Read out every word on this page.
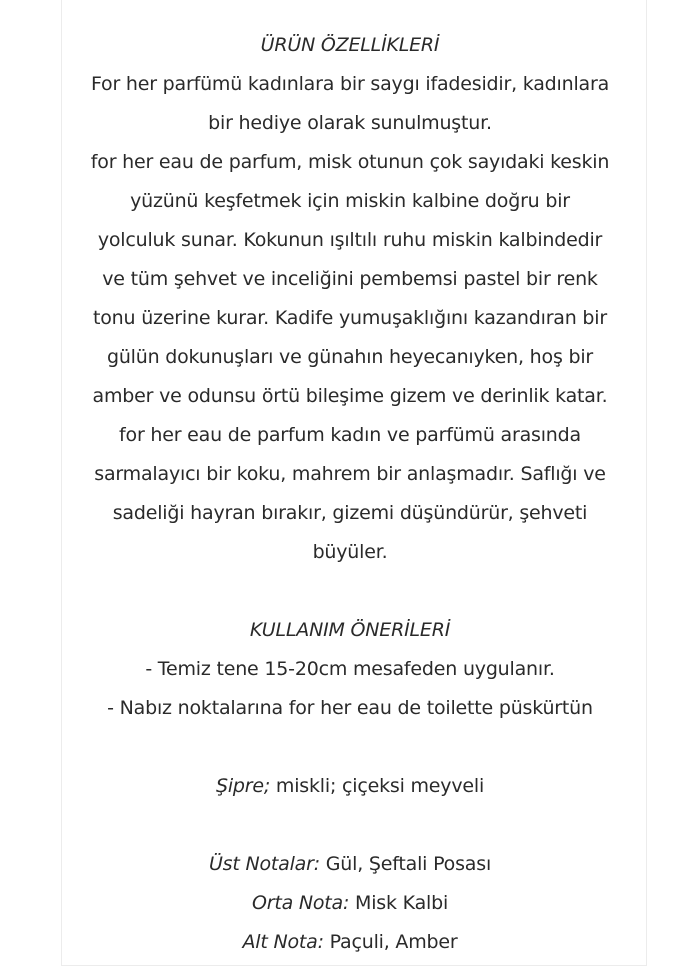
ÜRÜN ÖZELLİKLERİ
For her parfümü kadınlara bir saygı ifadesidir, kadınlara
bir hediye olarak sunulmuştur.
for her eau de parfum, misk otunun çok sayıdaki keskin
yüzünü keşfetmek için miskin kalbine doğru bir
yolculuk sunar. Kokunun ışıltılı ruhu miskin kalbindedir
ve tüm şehvet ve inceliğini pembemsi pastel bir renk
tonu üzerine kurar. Kadife yumuşaklığını kazandıran bir
gülün dokunuşları ve günahın heyecanıyken, hoş bir
amber ve odunsu örtü bileşime gizem ve derinlik katar.
for her eau de parfum kadın ve parfümü arasında
sarmalayıcı bir koku, mahrem bir anlaşmadır. Saflığı ve
sadeliği hayran bırakır, gizemi düşündürür, şehveti
büyüler.
KULLANIM ÖNERİLERİ
- Temiz tene 15-20cm mesafeden uygulanır.
- Nabız noktalarına for her eau de toilette püskürtün
Şipre; miskli; çiçeksi meyveli
Üst Notalar: Gül, Şeftali Posası
Orta Nota: Misk Kalbi
Alt Nota: Paçuli, Amber
